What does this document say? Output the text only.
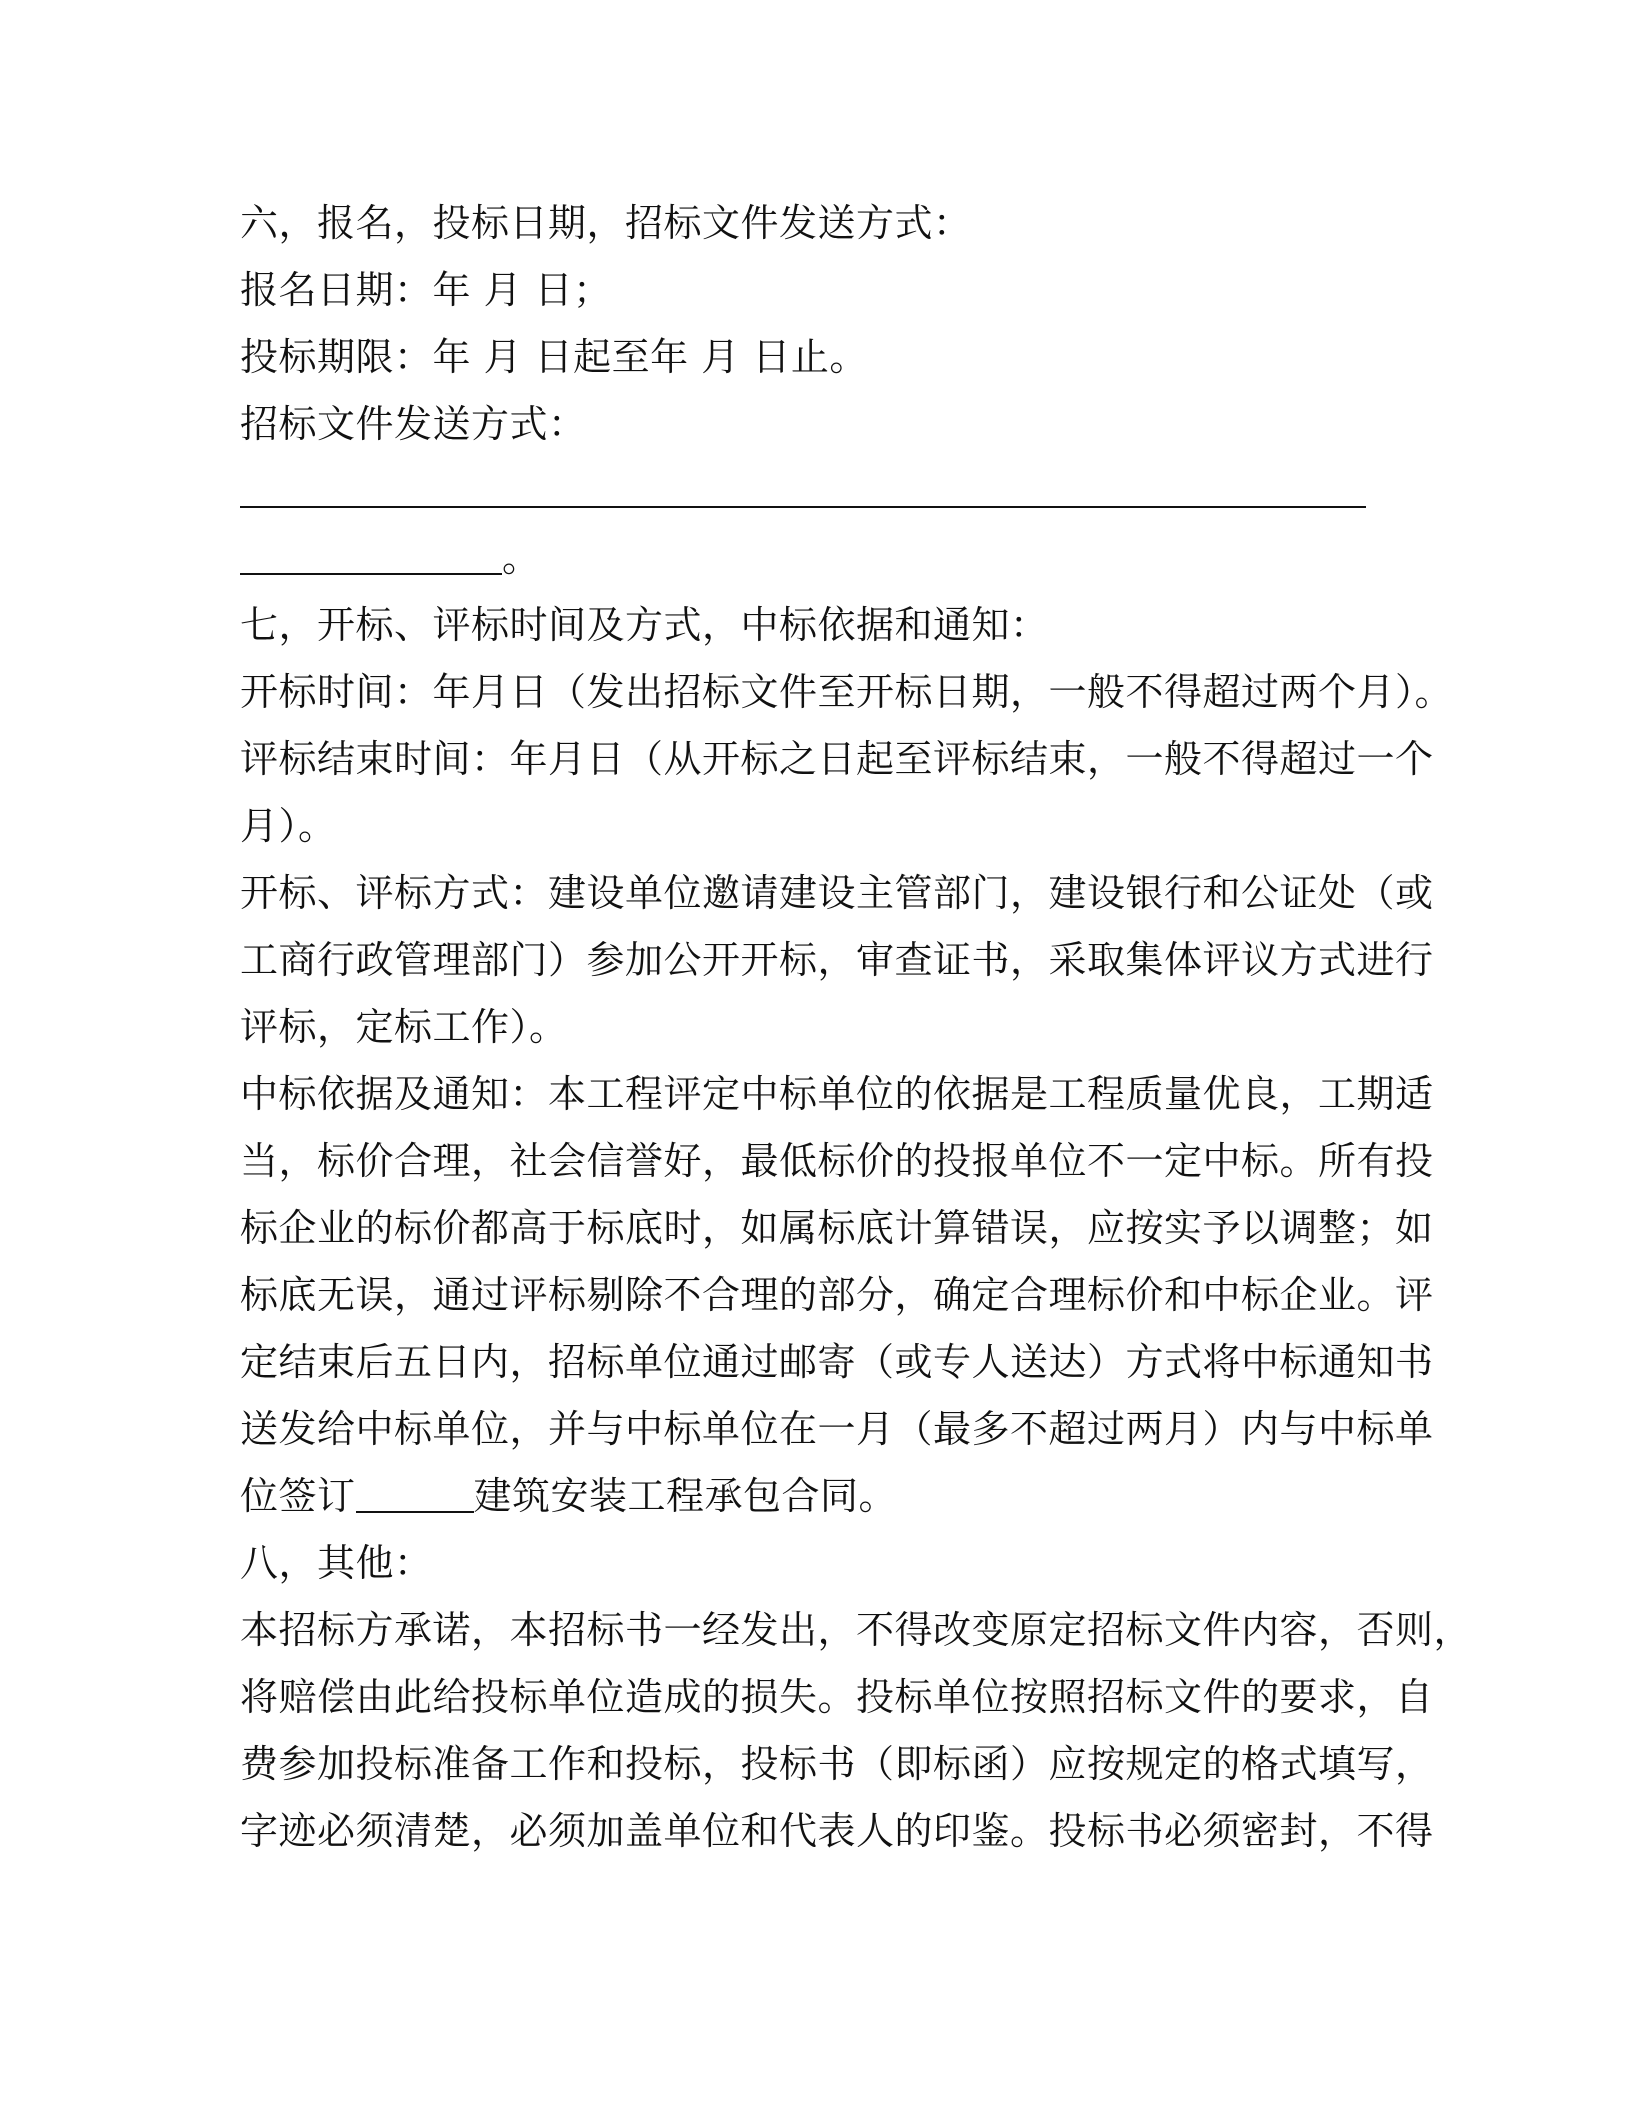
六，报名，投标日期，招标文件发送方式：
报名日期：年 月 日；
投标期限：年 月 日起至年 月 日止。
招标文件发送方式：
。
七，开标、评标时间及方式，中标依据和通知：
开标时间：年月日（发出招标文件至开标日期，一般不得超过两个月）。
评标结束时间：年月日（从开标之日起至评标结束，一般不得超过一个
月）。
开标、评标方式：建设单位邀请建设主管部门，建设银行和公证处（或
工商行政管理部门）参加公开开标，审查证书，采取集体评议方式进行
评标，定标工作）。
中标依据及通知：本工程评定中标单位的依据是工程质量优良，工期适
当，标价合理，社会信誉好，最低标价的投报单位不一定中标。所有投
标企业的标价都高于标底时，如属标底计算错误，应按实予以调整；如
标底无误，通过评标剔除不合理的部分，确定合理标价和中标企业。评
定结束后五日内，招标单位通过邮寄（或专人送达）方式将中标通知书
送发给中标单位，并与中标单位在一月（最多不超过两月）内与中标单
位签订	建筑安装工程承包合同。
八，其他：
本招标方承诺，本招标书一经发出，不得改变原定招标文件内容，否则，
将赔偿由此给投标单位造成的损失。投标单位按照招标文件的要求，自
费参加投标准备工作和投标，投标书（即标函）应按规定的格式填写，
字迹必须清楚，必须加盖单位和代表人的印鉴。投标书必须密封，不得
